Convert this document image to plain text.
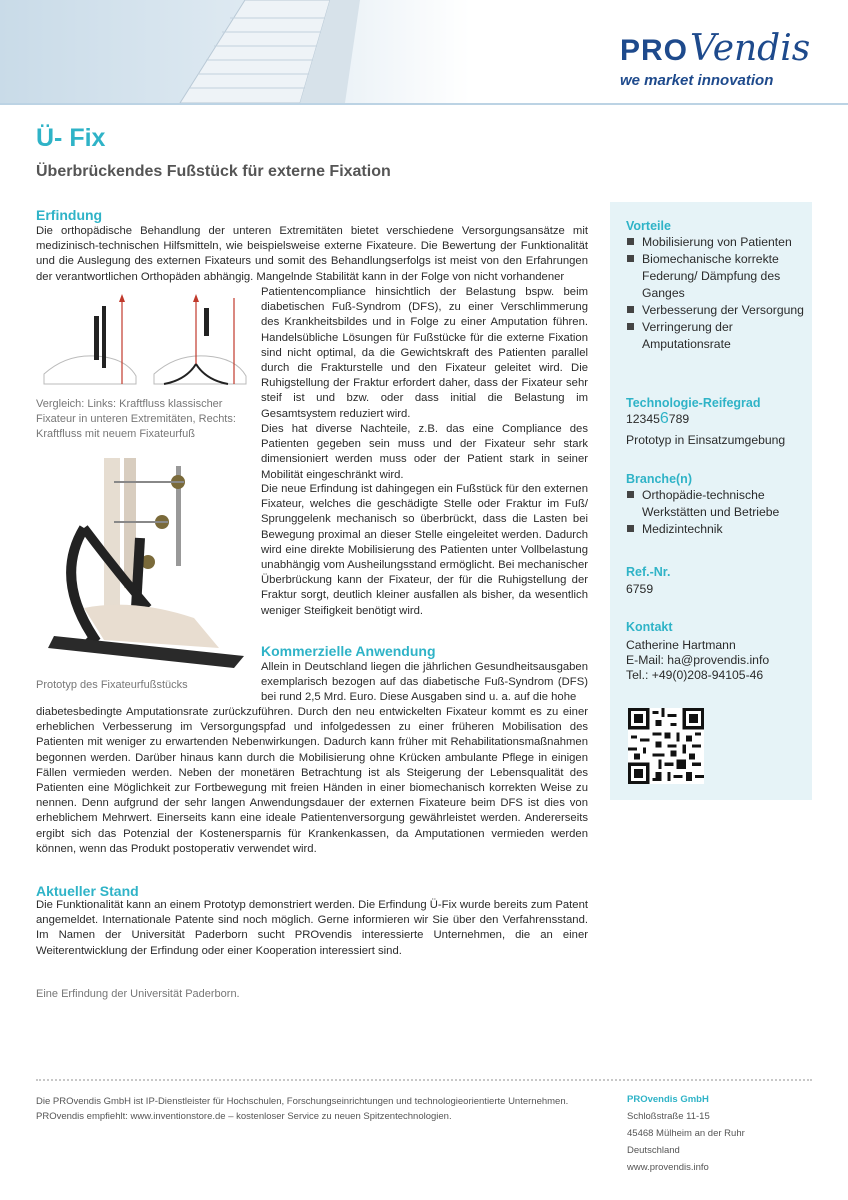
PRO Vendis
we market innovation
Ü- Fix
Überbrückendes Fußstück für externe Fixation
Erfindung
Die orthopädische Behandlung der unteren Extremitäten bietet verschiedene Versorgungsansätze mit medizinisch-technischen Hilfsmitteln, wie beispielsweise externe Fixateure. Die Bewertung der Funktionalität und die Auslegung des externen Fixateurs und somit des Behandlungserfolgs ist meist von den Erfahrungen der verantwortlichen Orthopäden abhängig. Mangelnde Stabilität kann in der Folge von nicht vorhandener
Patientencompliance hinsichtlich der Belastung bspw. beim diabetischen Fuß-Syndrom (DFS), zu einer Verschlimmerung des Krankheitsbildes und in Folge zu einer Amputation führen. Handelsübliche Lösungen für Fußstücke für die externe Fixation sind nicht optimal, da die Gewichtskraft des Patienten parallel durch die Frakturstelle und den Fixateur geleitet wird. Die Ruhigstellung der Fraktur erfordert daher, dass der Fixateur sehr steif ist und bzw. oder dass initial die Belastung im Gesamtsystem reduziert wird.
Dies hat diverse Nachteile, z.B. das eine Compliance des Patienten gegeben sein muss und der Fixateur sehr stark dimensioniert werden muss oder der Patient stark in seiner Mobilität eingeschränkt wird.
Die neue Erfindung ist dahingegen ein Fußstück für den externen Fixateur, welches die geschädigte Stelle oder Fraktur im Fuß/ Sprunggelenk mechanisch so überbrückt, dass die Lasten bei Bewegung proximal an dieser Stelle eingeleitet werden. Dadurch wird eine direkte Mobilisierung des Patienten unter Vollbelastung unabhängig vom Ausheilungsstand ermöglicht. Bei mechanischer Überbrückung kann der Fixateur, der für die Ruhigstellung der Fraktur sorgt, deutlich kleiner ausfallen als bisher, da wesentlich weniger Steifigkeit benötigt wird.
Vergleich: Links: Kraftfluss klassischer Fixateur in unteren Extremitäten, Rechts: Kraftfluss mit neuem Fixateurfuß
Prototyp des Fixateurfußstücks
Kommerzielle Anwendung
Allein in Deutschland liegen die jährlichen Gesundheitsausgaben exemplarisch bezogen auf das diabetische Fuß-Syndrom (DFS) bei rund 2,5 Mrd. Euro. Diese Ausgaben sind u. a. auf die hohe
diabetesbedingte Amputationsrate zurückzuführen. Durch den neu entwickelten Fixateur kommt es zu einer erheblichen Verbesserung im Versorgungspfad und infolgedessen zu einer früheren Mobilisation des Patienten mit weniger zu erwartenden Nebenwirkungen. Dadurch kann früher mit Rehabilitationsmaßnahmen begonnen werden. Darüber hinaus kann durch die Mobilisierung ohne Krücken ambulante Pflege in einigen Fällen vermieden werden. Neben der monetären Betrachtung ist als Steigerung der Lebensqualität des Patienten eine Möglichkeit zur Fortbewegung mit freien Händen in einer biomechanisch korrekten Weise zu nennen. Denn aufgrund der sehr langen Anwendungsdauer der externen Fixateure beim DFS ist dies von erheblichem Mehrwert. Einerseits kann eine ideale Patientenversorgung gewährleistet werden. Andererseits ergibt sich das Potenzial der Kostenersparnis für Krankenkassen, da Amputationen vermieden werden können, wenn das Produkt postoperativ verwendet wird.
Aktueller Stand
Die Funktionalität kann an einem Prototyp demonstriert werden. Die Erfindung Ü-Fix wurde bereits zum Patent angemeldet. Internationale Patente sind noch möglich. Gerne informieren wir Sie über den Verfahrensstand. Im Namen der Universität Paderborn sucht PROvendis interessierte Unternehmen, die an einer Weiterentwicklung der Erfindung oder einer Kooperation interessiert sind.
Eine Erfindung der Universität Paderborn.
Vorteile
Mobilisierung von Patienten
Biomechanische korrekte Federung/ Dämpfung des Ganges
Verbesserung der Versorgung
Verringerung der Amputationsrate
Technologie-Reifegrad
123456789
Prototyp in Einsatzumgebung
Branche(n)
Orthopädie-technische Werkstätten und Betriebe
Medizintechnik
Ref.-Nr.
6759
Kontakt
Catherine Hartmann
E-Mail: ha@provendis.info
Tel.: +49(0)208-94105-46
Die PROvendis GmbH ist IP-Dienstleister für Hochschulen, Forschungseinrichtungen und technologieorientierte Unternehmen.
PROvendis empfiehlt: www.inventionstore.de – kostenloser Service zu neuen Spitzentechnologien.
PROvendis GmbH
Schloßstraße 11-15
45468 Mülheim an der Ruhr
Deutschland
www.provendis.info
